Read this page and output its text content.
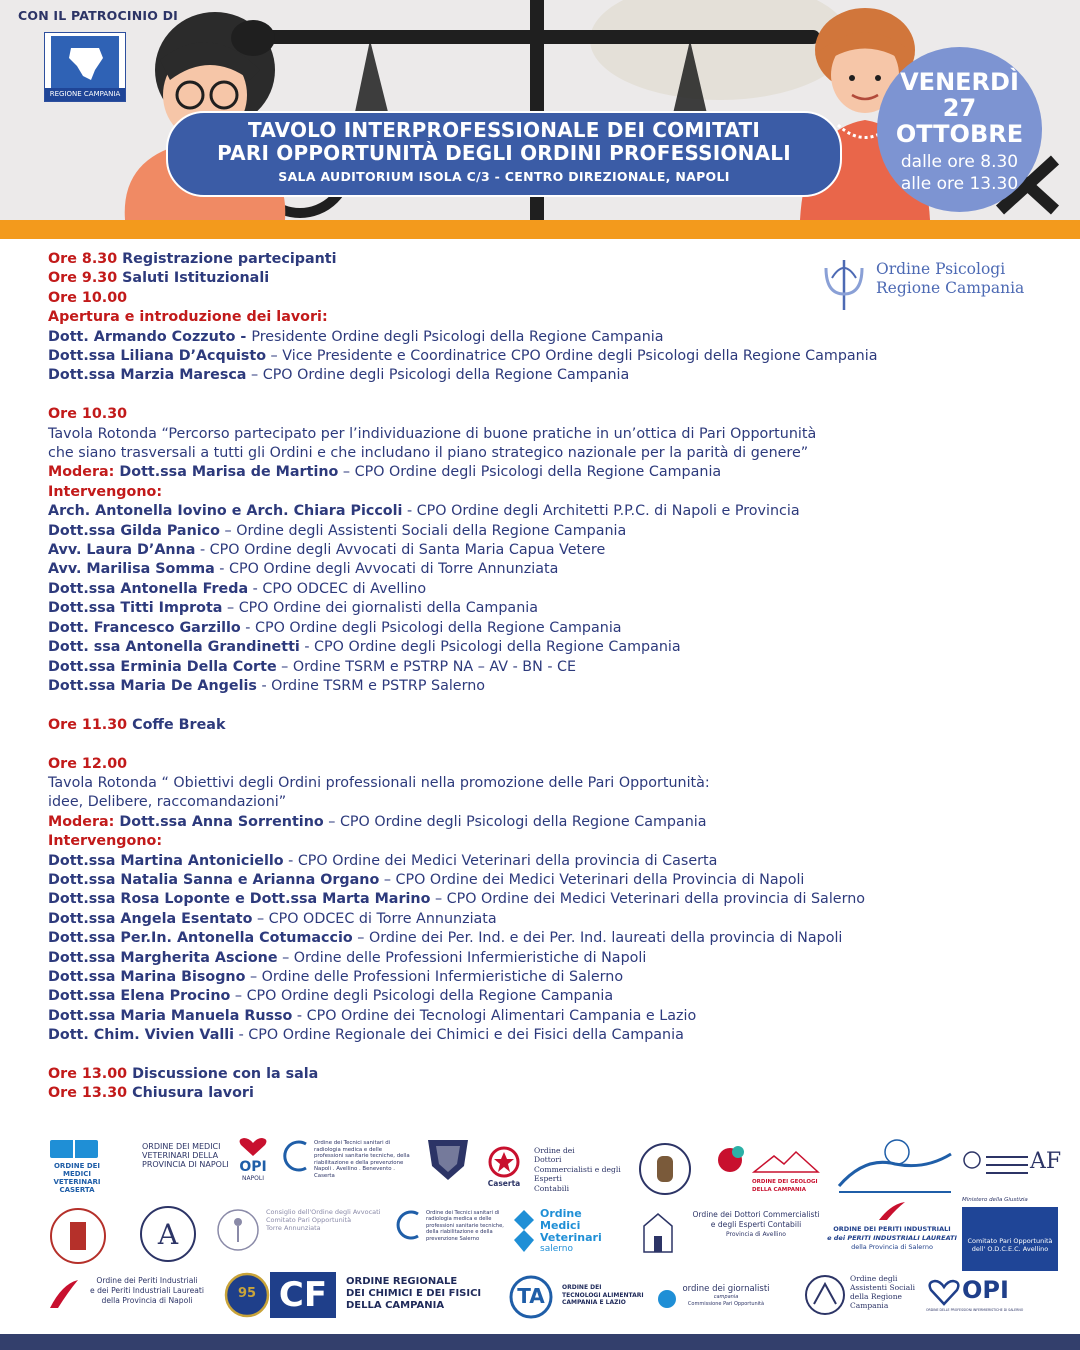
CON IL PATROCINIO DI
REGIONE CAMPANIA
TAVOLO INTERPROFESSIONALE DEI COMITATI
PARI OPPORTUNITÀ DEGLI ORDINI PROFESSIONALI
SALA AUDITORIUM ISOLA C/3 - CENTRO DIREZIONALE, NAPOLI
VENERDÌ
27 OTTOBRE
dalle ore 8.30
alle ore 13.30
Ordine Psicologi
Regione Campania
Ore 8.30 Registrazione partecipanti
Ore 9.30 Saluti Istituzionali
Ore 10.00
Apertura e introduzione dei lavori:
Dott. Armando Cozzuto - Presidente Ordine degli Psicologi della Regione Campania
Dott.ssa Liliana D’Acquisto – Vice Presidente e Coordinatrice CPO Ordine degli Psicologi della Regione Campania
Dott.ssa Marzia Maresca – CPO Ordine degli Psicologi della Regione Campania
Ore 10.30
Tavola Rotonda “Percorso partecipato per l’individuazione di buone pratiche in un’ottica di Pari Opportunità
che siano trasversali a tutti gli Ordini e che includano il piano strategico nazionale per la parità di genere”
Modera: Dott.ssa Marisa de Martino – CPO Ordine degli Psicologi della Regione Campania
Intervengono:
Arch. Antonella Iovino e Arch. Chiara Piccoli - CPO Ordine degli Architetti P.P.C. di Napoli e Provincia
Dott.ssa Gilda Panico – Ordine degli Assistenti Sociali della Regione Campania
Avv. Laura D’Anna - CPO Ordine degli Avvocati di Santa Maria Capua Vetere
Avv. Marilisa Somma - CPO Ordine degli Avvocati di Torre Annunziata
Dott.ssa Antonella Freda - CPO ODCEC di Avellino
Dott.ssa Titti Improta – CPO Ordine dei giornalisti della Campania
Dott. Francesco Garzillo - CPO Ordine degli Psicologi della Regione Campania
Dott. ssa Antonella Grandinetti - CPO Ordine degli Psicologi della Regione Campania
Dott.ssa Erminia Della Corte – Ordine TSRM e PSTRP NA – AV - BN - CE
Dott.ssa Maria De Angelis - Ordine TSRM e PSTRP Salerno
Ore 11.30 Coffe Break
Ore 12.00
Tavola Rotonda “ Obiettivi degli Ordini professionali nella promozione delle Pari Opportunità:
idee, Delibere, raccomandazioni”
Modera: Dott.ssa Anna Sorrentino – CPO Ordine degli Psicologi della Regione Campania
Intervengono:
Dott.ssa Martina Antoniciello - CPO Ordine dei Medici Veterinari della provincia di Caserta
Dott.ssa Natalia Sanna e Arianna Organo – CPO Ordine dei Medici Veterinari della Provincia di Napoli
Dott.ssa Rosa Loponte e Dott.ssa Marta Marino – CPO Ordine dei Medici Veterinari della provincia di Salerno
Dott.ssa Angela Esentato – CPO ODCEC di Torre Annunziata
Dott.ssa Per.In. Antonella Cotumaccio – Ordine dei Per. Ind. e dei Per. Ind. laureati della provincia di Napoli
Dott.ssa Margherita Ascione – Ordine delle Professioni Infermieristiche di Napoli
Dott.ssa Marina Bisogno – Ordine delle Professioni Infermieristiche di Salerno
Dott.ssa Elena Procino – CPO Ordine degli Psicologi della Regione Campania
Dott.ssa Maria Manuela Russo - CPO Ordine dei Tecnologi Alimentari Campania e Lazio
Dott. Chim. Vivien Valli - CPO Ordine Regionale dei Chimici e dei Fisici della Campania
Ore 13.00 Discussione con la sala
Ore 13.30 Chiusura lavori
ORDINE DEI MEDICI VETERINARI CASERTA
ORDINE DEI MEDICI VETERINARI DELLA PROVINCIA DI NAPOLI OPI
NAPOLI
Ordine dei Tecnici sanitari di radiologia medica e delle professioni sanitarie tecniche, della riabilitazione e della prevenzione Napoli . Avellino . Benevento . Caserta
Caserta
Ordine dei
Dottori
Commercialisti e degli
Esperti
Contabili
ORDINE DEI GEOLOGI DELLA CAMPANIA
AF
A
Consiglio dell'Ordine degli Avvocati
Comitato Pari Opportunità
Torre Annunziata
Ordine dei Tecnici sanitari di radiologia medica e delle professioni sanitarie tecniche, della riabilitazione e della prevenzione Salerno
Ordine
Medici Veterinari
salerno
Ordine dei Dottori Commercialisti
e degli Esperti Contabili
Provincia di Avellino
ORDINE DEI PERITI INDUSTRIALI
e dei PERITI INDUSTRIALI LAUREATI
della Provincia di Salerno
Ministero della Giustizia
Comitato Pari Opportunità
dell' O.D.C.E.C. Avellino
Ordine dei Periti Industriali
e dei Periti Industriali Laureati
della Provincia di Napoli	95 CF	ORDINE REGIONALE
DEI CHIMICI E DEI FISICI
DELLA CAMPANIA	TA	ORDINE DEI
TECNOLOGI ALIMENTARI
CAMPANIA E LAZIO
ordine dei giornalisti
campania
Commissione Pari Opportunità
Ordine degli
Assistenti Sociali
della Regione
Campania
OPI
ORDINE DELLE PROFESSIONI INFERMIERISTICHE DI SALERNO
